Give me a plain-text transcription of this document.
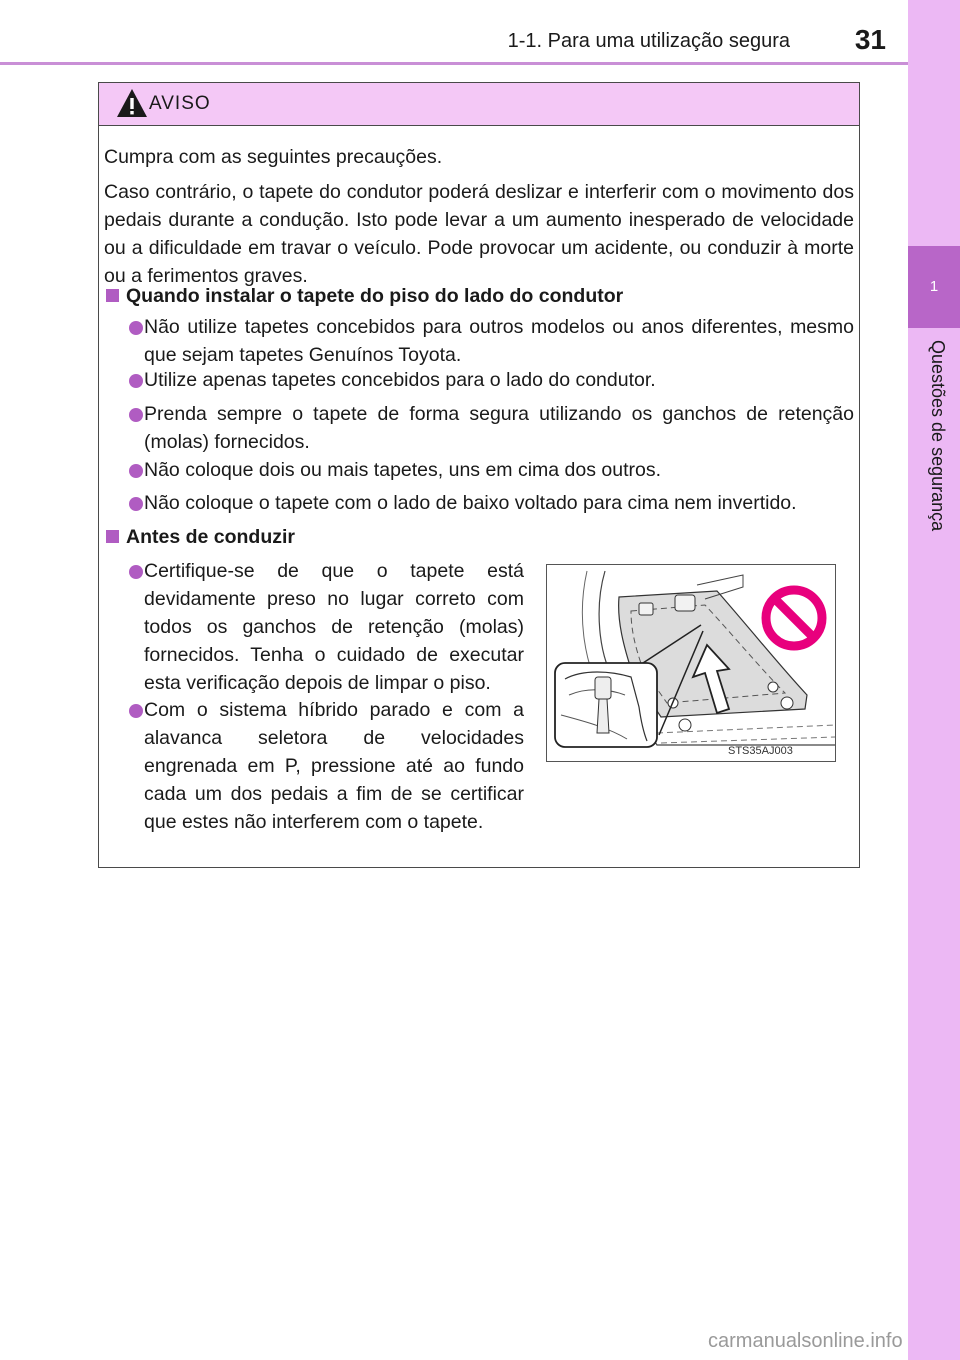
1-1. Para uma utilização segura	31
1
Questões de segurança
AVISO

Cumpra com as seguintes precauções.

Caso contrário, o tapete do condutor poderá deslizar e interferir com o movimento dos pedais durante a condução. Isto pode levar a um aumento inesperado de velocidade ou a dificuldade em travar o veículo. Pode provocar um acidente, ou conduzir à morte ou a ferimentos graves.

Quando instalar o tapete do piso do lado do condutor

Não utilize tapetes concebidos para outros modelos ou anos diferentes, mesmo que sejam tapetes Genuínos Toyota.

Utilize apenas tapetes concebidos para o lado do condutor.

Prenda sempre o tapete de forma segura utilizando os ganchos de retenção (molas) fornecidos.

Não coloque dois ou mais tapetes, uns em cima dos outros.

Não coloque o tapete com o lado de baixo voltado para cima nem invertido.

Antes de conduzir

Certifique-se de que o tapete está devidamente preso no lugar correto com todos os ganchos de retenção (molas) fornecidos. Tenha o cuidado de executar esta verificação depois de limpar o piso.

Com o sistema híbrido parado e com a alavanca seletora de velocidades engrenada em P, pressione até ao fundo cada um dos pedais a fim de se certificar que estes não interferem com o tapete.

STS35AJ003
carmanualsonline.info
